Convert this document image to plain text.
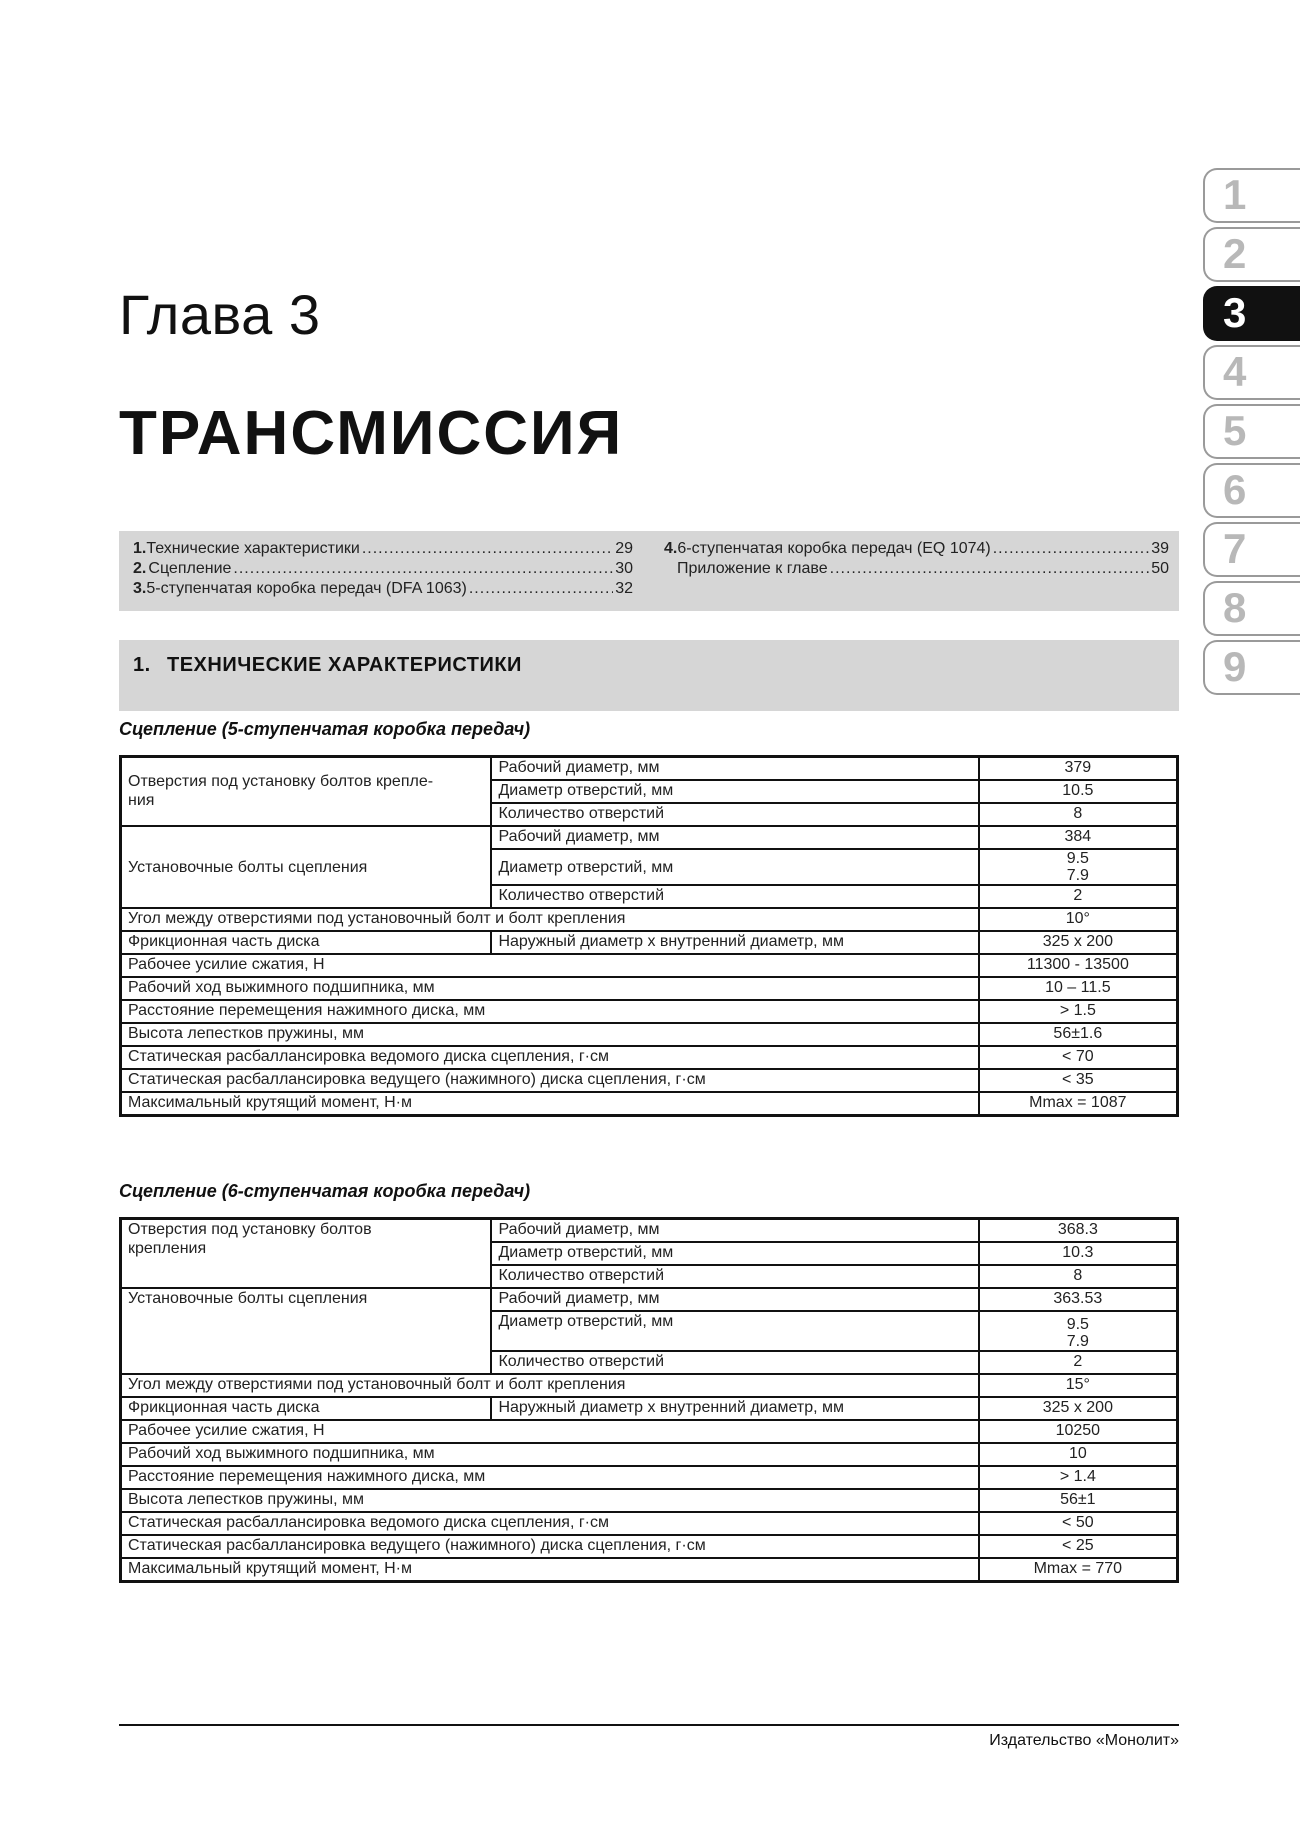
Глава 3
ТРАНСМИССИЯ
1
2
3
4
5
6
7
8
9
1. Технические характеристики .....	29
2. Сцепление .....	30
3. 5-ступенчатая коробка передач (DFA 1063) .....	32
4. 6-ступенчатая коробка передач (EQ 1074) .....	39
Приложение к главе .....	50
1. ТЕХНИЧЕСКИЕ ХАРАКТЕРИСТИКИ
Сцепление (5-ступенчатая коробка передач)
Отверстия под установку болтов крепле-
ния	Рабочий диаметр, мм	379
	Диаметр отверстий, мм	10.5
	Количество отверстий	8
Установочные болты сцепления	Рабочий диаметр, мм	384
	Диаметр отверстий, мм	9.5
7.9
	Количество отверстий	2
Угол между отверстиями под установочный болт и болт крепления		10°
Фрикционная часть диска	Наружный диаметр х внутренний диаметр, мм	325 х 200
Рабочее усилие сжатия, Н		11300 - 13500
Рабочий ход выжимного подшипника, мм		10 – 11.5
Расстояние перемещения нажимного диска, мм		> 1.5
Высота лепестков пружины, мм		56±1.6
Статическая расбаллансировка ведомого диска сцепления, г·см		< 70
Статическая расбаллансировка ведущего (нажимного) диска сцепления, г·см		< 35
Максимальный крутящий момент, Н·м		Mmax = 1087
Сцепление (6-ступенчатая коробка передач)
Отверстия под установку болтов
крепления	Рабочий диаметр, мм	368.3
	Диаметр отверстий, мм	10.3
	Количество отверстий	8
Установочные болты сцепления	Рабочий диаметр, мм	363.53
	Диаметр отверстий, мм	9.5
7.9
	Количество отверстий	2
Угол между отверстиями под установочный болт и болт крепления		15°
Фрикционная часть диска	Наружный диаметр х внутренний диаметр, мм	325 х 200
Рабочее усилие сжатия, Н		10250
Рабочий ход выжимного подшипника, мм		10
Расстояние перемещения нажимного диска, мм		> 1.4
Высота лепестков пружины, мм		56±1
Статическая расбаллансировка ведомого диска сцепления, г·см		< 50
Статическая расбаллансировка ведущего (нажимного) диска сцепления, г·см		< 25
Максимальный крутящий момент, Н·м		Mmax = 770
Издательство «Монолит»
